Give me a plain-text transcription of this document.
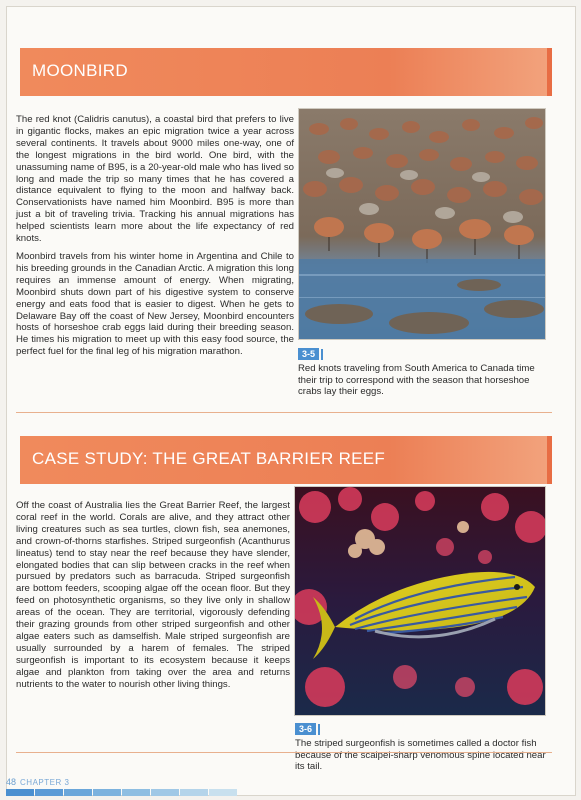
MOONBIRD

The red knot (Calidris canutus), a coastal bird that prefers to live in gigantic flocks, makes an epic migration twice a year across several continents. It travels about 9000 miles one-way, one of the longest migrations in the bird world. One bird, with the unassuming name of B95, is a 20-year-old male who has lived so long and made the trip so many times that he has covered a distance equivalent to flying to the moon and halfway back. Conservationists have named him Moonbird. B95 is more than just a bit of traveling trivia. Tracking his annual migrations has helped scientists learn more about the life expectancy of red knots.

Moonbird travels from his winter home in Argentina and Chile to his breeding grounds in the Canadian Arctic. A migration this long requires an immense amount of energy. When migrating, Moonbird shuts down part of his digestive system to conserve energy and eats food that is easier to digest. When he gets to Delaware Bay off the coast of New Jersey, Moonbird encounters hosts of horseshoe crab eggs laid during their breeding season. He times his migration to meet up with this easy food source, the perfect fuel for the final leg of his migration marathon.	3-5
Red knots traveling from South America to Canada time their trip to correspond with the season that horseshoe crabs lay their eggs.
CASE STUDY: THE GREAT BARRIER REEF

Off the coast of Australia lies the Great Barrier Reef, the largest coral reef in the world. Corals are alive, and they attract other living creatures such as sea turtles, clown fish, sea anemones, and crown-of-thorns starfishes. Striped surgeonfish (Acanthurus lineatus) tend to stay near the reef because they have slender, elongated bodies that can slip between cracks in the reef when pursued by predators such as barracuda. Striped surgeonfish are bottom feeders, scooping algae off the ocean floor. But they feed on photosynthetic organisms, so they live only in shallow areas of the ocean. They are territorial, vigorously defending their grazing grounds from other striped surgeonfish and other algae eaters such as damselfish. Male striped surgeonfish are usually surrounded by a harem of females. The striped surgeonfish is important to its ecosystem because it keeps algae and plankton from taking over the area and returns nutrients to the water to nourish other living things.

3-6
The striped surgeonfish is sometimes called a doctor fish because of the scalpel-sharp venomous spine located near its tail.
48 CHAPTER 3
